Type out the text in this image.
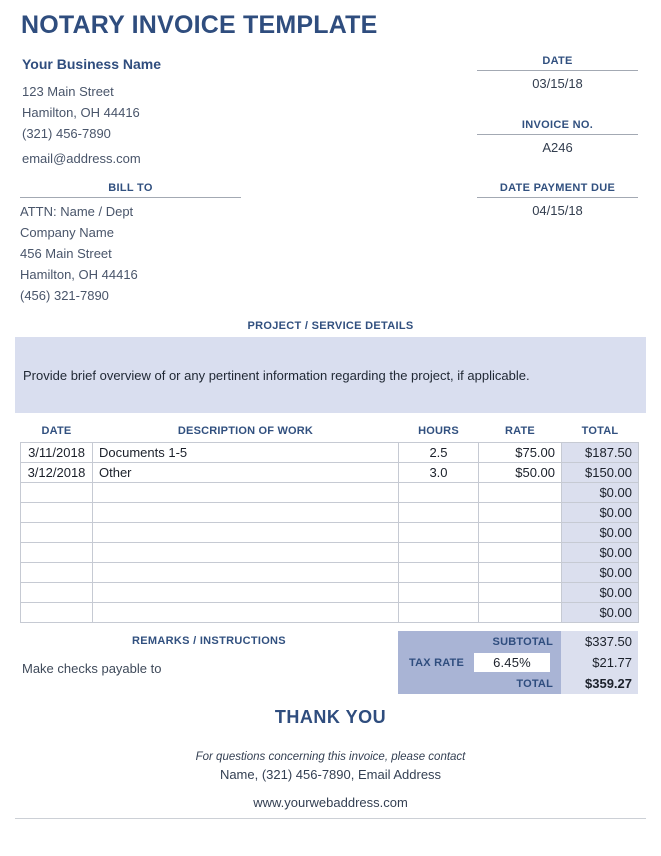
NOTARY INVOICE TEMPLATE
Your Business Name
123 Main Street
Hamilton, OH 44416
(321) 456-7890
email@address.com
DATE
03/15/18
INVOICE NO.
A246
DATE PAYMENT DUE
04/15/18
BILL TO
ATTN: Name / Dept
Company Name
456 Main Street
Hamilton, OH 44416
(456) 321-7890
PROJECT / SERVICE DETAILS
Provide brief overview of or any pertinent information regarding the project, if applicable.
DATE	DESCRIPTION OF WORK	HOURS	RATE	TOTAL
3/11/2018	Documents 1-5	2.5	$75.00	$187.50
3/12/2018	Other	3.0	$50.00	$150.00
				$0.00
				$0.00
				$0.00
				$0.00
				$0.00
				$0.00
				$0.00
REMARKS / INSTRUCTIONS
Make checks payable to
SUBTOTAL	$337.50
TAX RATE	6.45%	$21.77
TOTAL	$359.27
THANK YOU
For questions concerning this invoice, please contact
Name, (321) 456-7890, Email Address
www.yourwebaddress.com
